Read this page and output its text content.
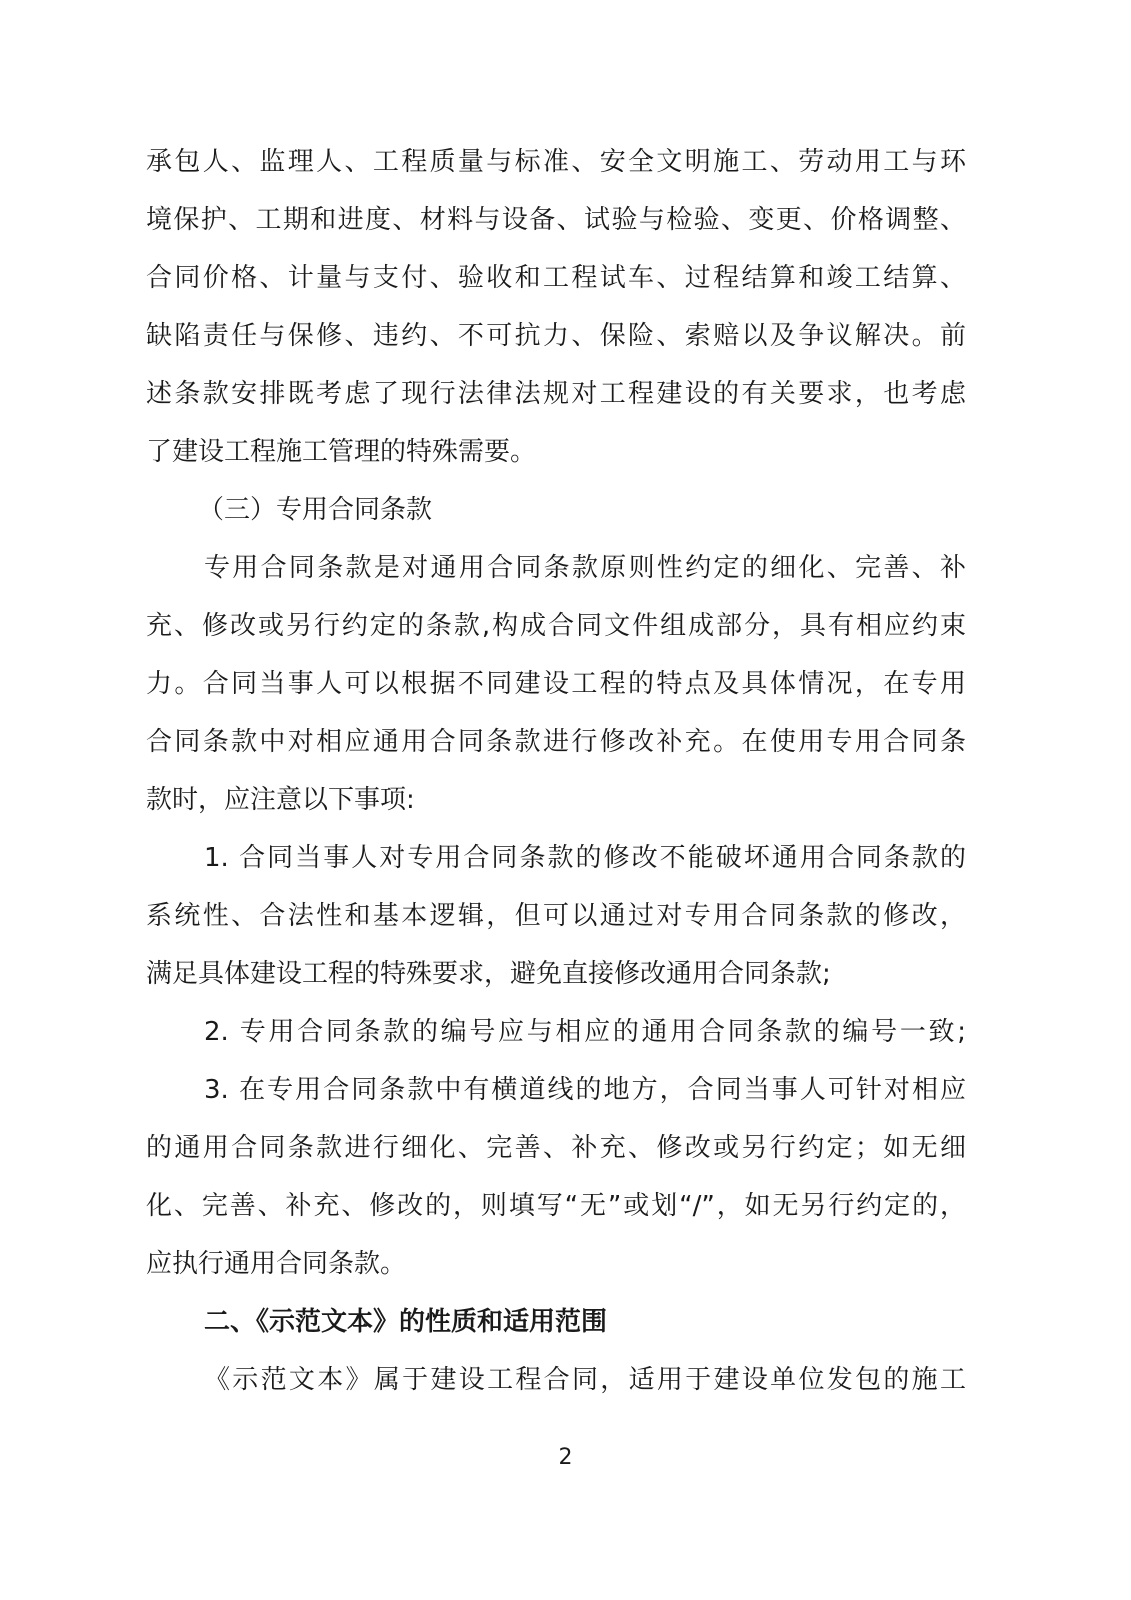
承包人、监理人、工程质量与标准、安全文明施工、劳动用工与环
境保护、工期和进度、材料与设备、试验与检验、变更、价格调整、
合同价格、计量与支付、验收和工程试车、过程结算和竣工结算、
缺陷责任与保修、违约、不可抗力、保险、索赔以及争议解决。前
述条款安排既考虑了现行法律法规对工程建设的有关要求，也考虑
了建设工程施工管理的特殊需要。
（三）专用合同条款
专用合同条款是对通用合同条款原则性约定的细化、完善、补
充、修改或另行约定的条款,构成合同文件组成部分，具有相应约束
力。合同当事人可以根据不同建设工程的特点及具体情况，在专用
合同条款中对相应通用合同条款进行修改补充。在使用专用合同条
款时，应注意以下事项:
1. 合同当事人对专用合同条款的修改不能破坏通用合同条款的
系统性、合法性和基本逻辑，但可以通过对专用合同条款的修改，
满足具体建设工程的特殊要求，避免直接修改通用合同条款;
2. 专用合同条款的编号应与相应的通用合同条款的编号一致;
3. 在专用合同条款中有横道线的地方，合同当事人可针对相应
的通用合同条款进行细化、完善、补充、修改或另行约定；如无细
化、完善、补充、修改的，则填写“无”或划“/”，如无另行约定的，
应执行通用合同条款。
二、《示范文本》的性质和适用范围
《示范文本》属于建设工程合同，适用于建设单位发包的施工
2
